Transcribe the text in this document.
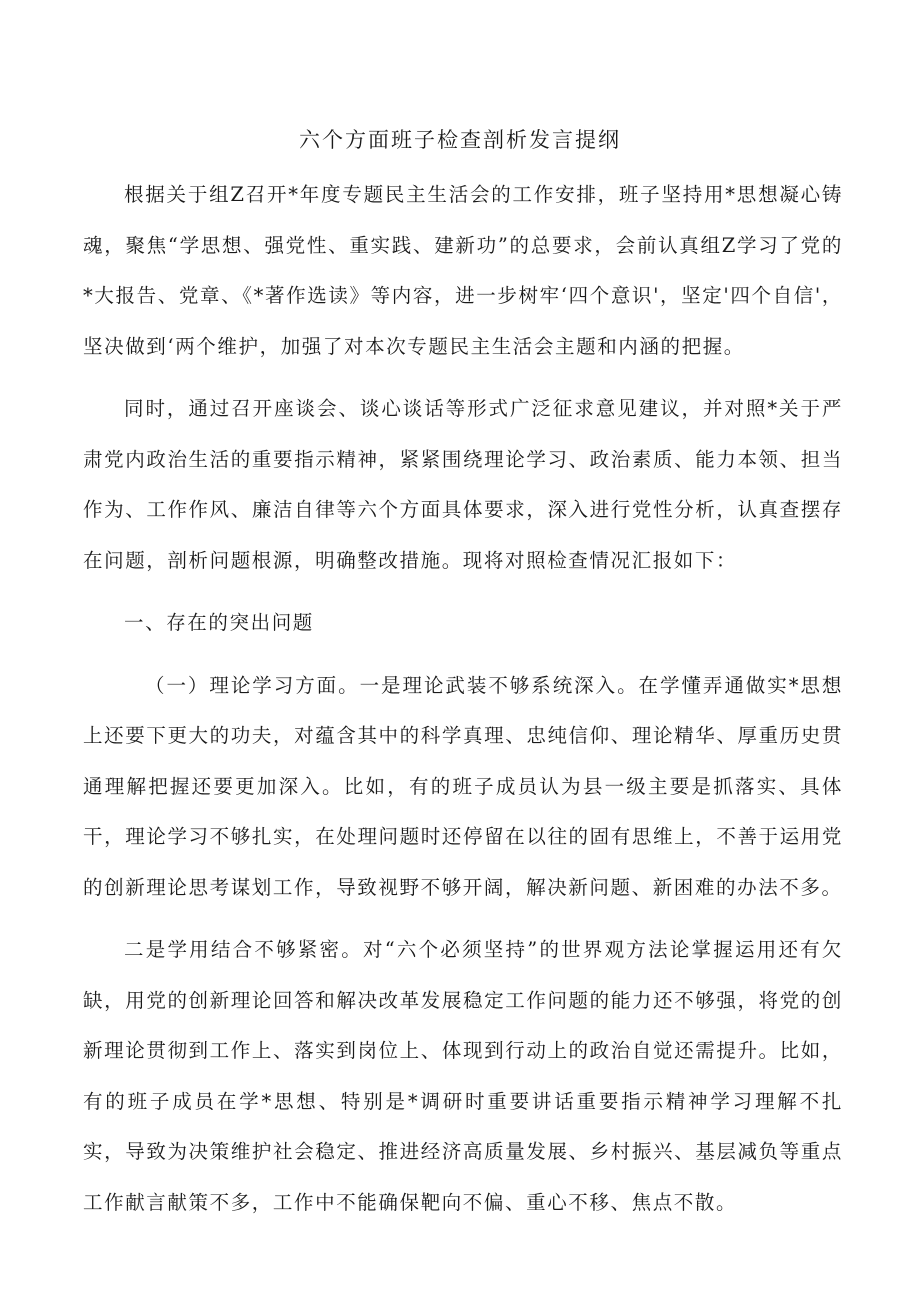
六个方面班子检查剖析发言提纲

根据关于组Z召开*年度专题民主生活会的工作安排，班子坚持用*思想凝心铸魂，聚焦“学思想、强党性、重实践、建新功”的总要求，会前认真组Z学习了党的*大报告、党章、《*著作选读》等内容，进一步树牢‘四个意识'，坚定'四个自信'，坚决做到‘两个维护，加强了对本次专题民主生活会主题和内涵的把握。

同时，通过召开座谈会、谈心谈话等形式广泛征求意见建议，并对照*关于严肃党内政治生活的重要指示精神，紧紧围绕理论学习、政治素质、能力本领、担当作为、工作作风、廉洁自律等六个方面具体要求，深入进行党性分析，认真查摆存在问题，剖析问题根源，明确整改措施。现将对照检查情况汇报如下：

一、存在的突出问题

（一）理论学习方面。一是理论武装不够系统深入。在学懂弄通做实*思想上还要下更大的功夫，对蕴含其中的科学真理、忠纯信仰、理论精华、厚重历史贯通理解把握还要更加深入。比如，有的班子成员认为县一级主要是抓落实、具体干，理论学习不够扎实，在处理问题时还停留在以往的固有思维上，不善于运用党的创新理论思考谋划工作，导致视野不够开阔，解决新问题、新困难的办法不多。

二是学用结合不够紧密。对“六个必须坚持”的世界观方法论掌握运用还有欠缺，用党的创新理论回答和解决改革发展稳定工作问题的能力还不够强，将党的创新理论贯彻到工作上、落实到岗位上、体现到行动上的政治自觉还需提升。比如，有的班子成员在学*思想、特别是*调研时重要讲话重要指示精神学习理解不扎实，导致为决策维护社会稳定、推进经济高质量发展、乡村振兴、基层减负等重点工作献言献策不多，工作中不能确保靶向不偏、重心不移、焦点不散。
